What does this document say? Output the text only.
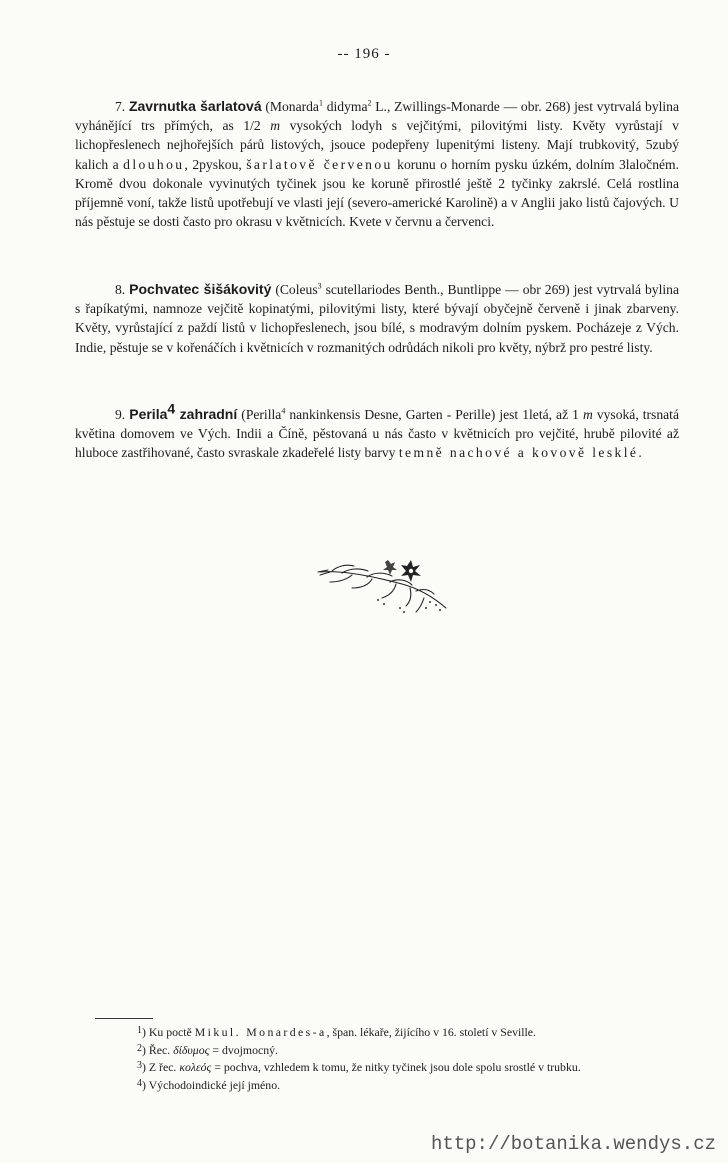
-- 196 -

7. Zavrnutka šarlatová (Monarda$^1$ didyma$^2$ L., Zwillings-Monarde — obr. 268) jest vytrvalá bylina vyhánějící trs přímých, as 1/2 m vysokých lodyh s vejčitými, pilovitými listy. Květy vyrůstají v lichopřeslenech nejhořejších párů listových, jsouce podepřeny lupenitými listeny. Mají trubkovitý, 5zubý kalich a dlouhou, 2pyskou, šarlatově červenou korunu o horním pysku úzkém, dolním 3laločném. Kromě dvou dokonale vyvinutých tyčinek jsou ke koruně přirostlé ještě 2 tyčinky zakrslé. Celá rostlina příjemně voní, takže listů upotřebují ve vlasti její (severo-americké Karolině) a v Anglii jako listů čajových. U nás pěstuje se dosti často pro okrasu v květnicích. Kvete v červnu a červenci.

8. Pochvatec šišákovitý (Coleus$^3$ scutellariodes Benth., Buntlippe — obr 269) jest vytrvalá bylina s řapíkatými, namnoze vejčitě kopinatými, pilovitými listy, které bývají obyčejně červeně i jinak zbarveny. Květy, vyrůstající z paždí listů v lichopřeslenech, jsou bílé, s modravým dolním pyskem. Pocházeje z Vých. Indie, pěstuje se v kořenáčích i květnicích v rozmanitých odrůdách nikoli pro květy, nýbrž pro pestré listy.

9. Perila$^4$ zahradní (Perilla$^4$ nankinkensis Desne, Garten - Perille) jest 1letá, až 1 m vysoká, trsnatá květina domovem ve Vých. Indii a Číně, pěstovaná u nás často v květnicích pro vejčité, hrubě pilovité až hluboce zastřihované, často svraskale zkadeřelé listy barvy temně nachové a kovově lesklé.

$^1$) Ku poctě Mikul. Monardes-a, špan. lékaře, žijícího v 16. století v Seville.

$^2$) Řec. δίδυμος = dvojmocný.

$^3$) Z řec. κολεός = pochva, vzhledem k tomu, že nitky tyčinek jsou dole spolu srostlé v trubku.

$^4$) Východoindické její jméno.

http://botanika.wendys.cz
